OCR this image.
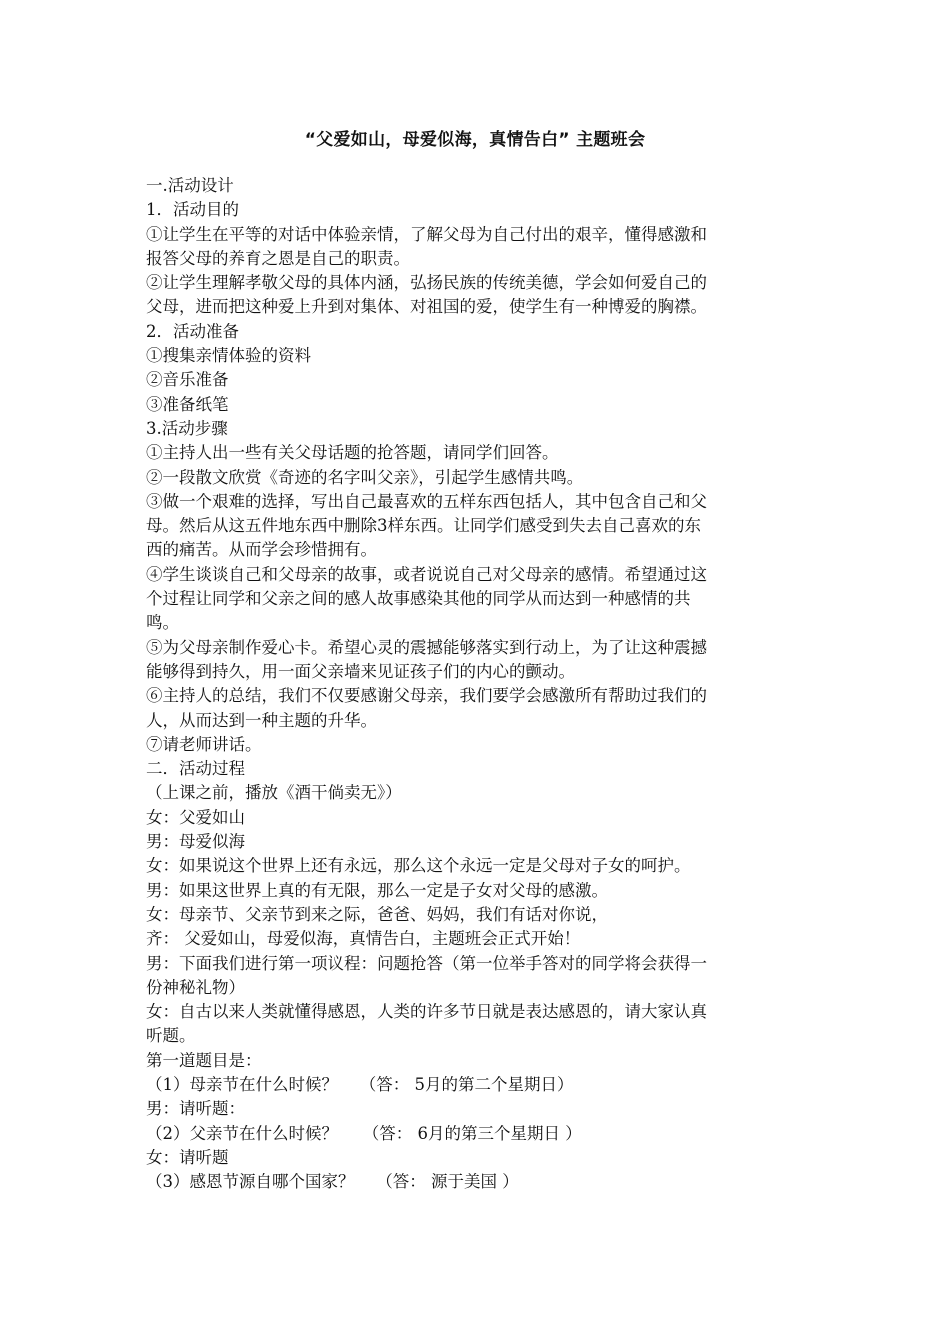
“父爱如山，母爱似海，真情告白” 主题班会
一.活动设计
1．活动目的
①让学生在平等的对话中体验亲情，了解父母为自己付出的艰辛，懂得感激和
报答父母的养育之恩是自己的职责。
②让学生理解孝敬父母的具体内涵，弘扬民族的传统美德，学会如何爱自己的
父母，进而把这种爱上升到对集体、对祖国的爱，使学生有一种博爱的胸襟。
2．活动准备
①搜集亲情体验的资料
②音乐准备
③准备纸笔
3.活动步骤
①主持人出一些有关父母话题的抢答题，请同学们回答。
②一段散文欣赏《奇迹的名字叫父亲》，引起学生感情共鸣。
③做一个艰难的选择，写出自己最喜欢的五样东西包括人，其中包含自己和父
母。然后从这五件地东西中删除3样东西。让同学们感受到失去自己喜欢的东
西的痛苦。从而学会珍惜拥有。
④学生谈谈自己和父母亲的故事，或者说说自己对父母亲的感情。希望通过这
个过程让同学和父亲之间的感人故事感染其他的同学从而达到一种感情的共
鸣。
⑤为父母亲制作爱心卡。希望心灵的震撼能够落实到行动上，为了让这种震撼
能够得到持久，用一面父亲墙来见证孩子们的内心的颤动。
⑥主持人的总结，我们不仅要感谢父母亲，我们要学会感激所有帮助过我们的
人，从而达到一种主题的升华。
⑦请老师讲话。
二．活动过程
（上课之前，播放《酒干倘卖无》）
女：父爱如山
男：母爱似海
女：如果说这个世界上还有永远，那么这个永远一定是父母对子女的呵护。
男：如果这世界上真的有无限，那么一定是子女对父母的感激。
女：母亲节、父亲节到来之际，爸爸、妈妈，我们有话对你说，
齐： 父爱如山，母爱似海，真情告白，主题班会正式开始！
男：下面我们进行第一项议程：问题抢答（第一位举手答对的同学将会获得一
份神秘礼物）
女：自古以来人类就懂得感恩，人类的许多节日就是表达感恩的，请大家认真
听题。
第一道题目是：
（1）母亲节在什么时候？　 （答： 5月的第二个星期日）
男：请听题：
（2）父亲节在什么时候？　　（答： 6月的第三个星期日 ）
女：请听题
（3）感恩节源自哪个国家？　 （答： 源于美国 ）
